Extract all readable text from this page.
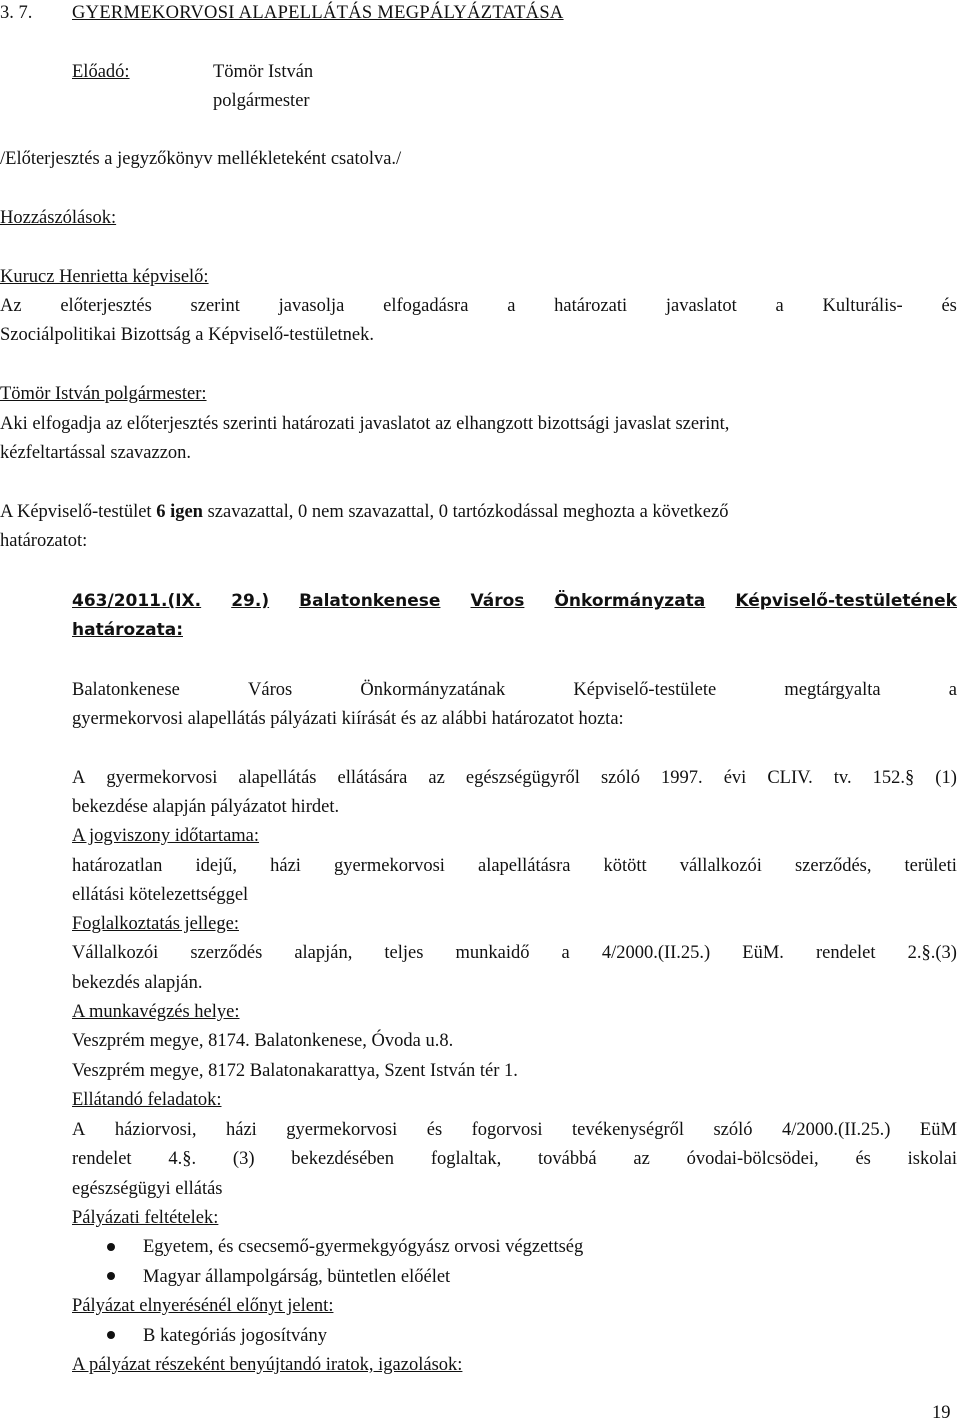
3. 7. GYERMEKORVOSI ALAPELLÁTÁS MEGPÁLYÁZTATÁSA
Előadó:	Tömör István
polgármester
/Előterjesztés a jegyzőkönyv mellékleteként csatolva./
Hozzászólások:
Kurucz Henrietta képviselő:
Az előterjesztés szerint javasolja elfogadásra a határozati javaslatot a Kulturális- és
Szociálpolitikai Bizottság a Képviselő-testületnek.
Tömör István polgármester:
Aki elfogadja az előterjesztés szerinti határozati javaslatot az elhangzott bizottsági javaslat szerint,
kézfeltartással szavazzon.
A Képviselő-testület 6 igen szavazattal, 0 nem szavazattal, 0 tartózkodással meghozta a következő
határozatot:
463/2011.(IX. 29.) Balatonkenese Város Önkormányzata Képviselő-testületének
határozata:
Balatonkenese	Város	Önkormányzatának	Képviselő-testülete	megtárgyalta	a
gyermekorvosi alapellátás pályázati kiírását és az alábbi határozatot hozta:
A gyermekorvosi alapellátás ellátására az egészségügyről szóló 1997. évi CLIV. tv. 152.§ (1)
bekezdése alapján pályázatot hirdet.
A jogviszony időtartama:
határozatlan idejű, házi gyermekorvosi alapellátásra kötött vállalkozói szerződés, területi
ellátási kötelezettséggel
Foglalkoztatás jellege:
Vállalkozói szerződés alapján, teljes munkaidő a 4/2000.(II.25.) EüM. rendelet 2.§.(3)
bekezdés alapján.
A munkavégzés helye:
Veszprém megye, 8174. Balatonkenese, Óvoda u.8.
Veszprém megye, 8172 Balatonakarattya, Szent István tér 1.
Ellátandó feladatok:
A háziorvosi, házi gyermekorvosi és fogorvosi tevékenységről szóló 4/2000.(II.25.) EüM
rendelet 4.§. (3) bekezdésében foglaltak, továbbá az óvodai-bölcsödei, és iskolai
egészségügyi ellátás
Pályázati feltételek:
Egyetem, és csecsemő-gyermekgyógyász orvosi végzettség
Magyar állampolgárság, büntetlen előélet
Pályázat elnyerésénél előnyt jelent:
B kategóriás jogosítvány
A pályázat részeként benyújtandó iratok, igazolások:
19
